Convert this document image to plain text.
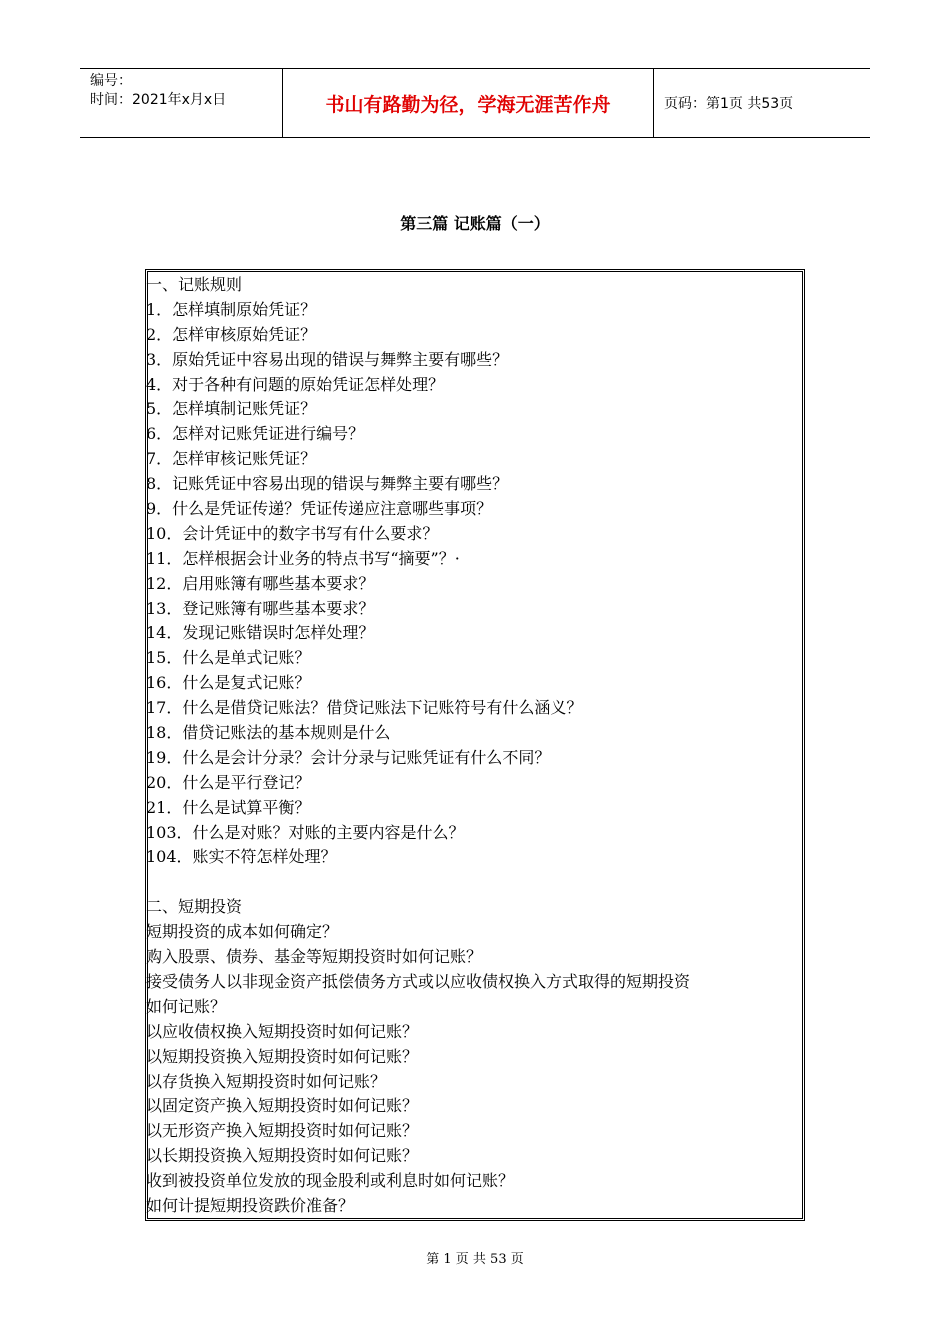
编号：
时间：2021年x月x日	书山有路勤为径，学海无涯苦作舟	页码：第1页 共53页
第三篇 记账篇（一）
一、记账规则
1．怎样填制原始凭证？
2．怎样审核原始凭证？
3．原始凭证中容易出现的错误与舞弊主要有哪些？
4．对于各种有问题的原始凭证怎样处理？
5．怎样填制记账凭证？
6．怎样对记账凭证进行编号？
7．怎样审核记账凭证？
8．记账凭证中容易出现的错误与舞弊主要有哪些？
9．什么是凭证传递？凭证传递应注意哪些事项？
10．会计凭证中的数字书写有什么要求？
11．怎样根据会计业务的特点书写“摘要”？·
12．启用账簿有哪些基本要求？
13．登记账簿有哪些基本要求？
14．发现记账错误时怎样处理？
15．什么是单式记账？
16．什么是复式记账？
17．什么是借贷记账法？借贷记账法下记账符号有什么涵义？
18．借贷记账法的基本规则是什么
19．什么是会计分录？会计分录与记账凭证有什么不同？
20．什么是平行登记？
21．什么是试算平衡？
103．什么是对账？对账的主要内容是什么？
104．账实不符怎样处理？
二、短期投资
短期投资的成本如何确定？
购入股票、债券、基金等短期投资时如何记账？
接受债务人以非现金资产抵偿债务方式或以应收债权换入方式取得的短期投资
如何记账？
以应收债权换入短期投资时如何记账？
以短期投资换入短期投资时如何记账？
以存货换入短期投资时如何记账？
以固定资产换入短期投资时如何记账？
以无形资产换入短期投资时如何记账？
以长期投资换入短期投资时如何记账？
收到被投资单位发放的现金股利或利息时如何记账？
如何计提短期投资跌价准备？
第 1 页 共 53 页
